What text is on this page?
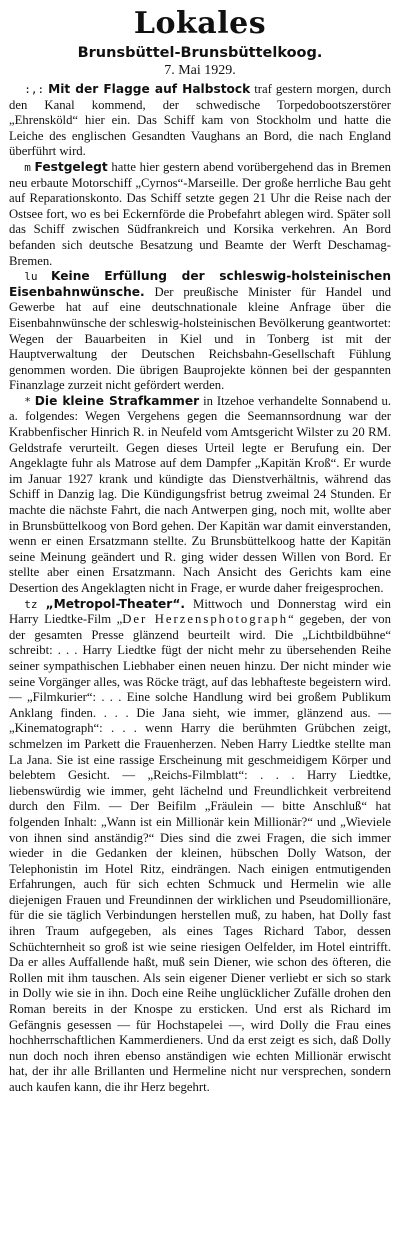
Lokales
Brunsbüttel-Brunsbüttelkoog.
7. Mai 1929.

:,: Mit der Flagge auf Halbstock traf gestern morgen, durch den Kanal kommend, der schwedische Torpedobootszerstörer „Ehrensköld“ hier ein. Das Schiff kam von Stockholm und hatte die Leiche des englischen Gesandten Vaughans an Bord, die nach England überführt wird.

m Festgelegt hatte hier gestern abend vorübergehend das in Bremen neu erbaute Motorschiff „Cyrnos“-Marseille. Der große herrliche Bau geht auf Reparationskonto. Das Schiff setzte gegen 21 Uhr die Reise nach der Ostsee fort, wo es bei Eckernförde die Probefahrt ablegen wird. Später soll das Schiff zwischen Südfrankreich und Korsika verkehren. An Bord befanden sich deutsche Besatzung und Beamte der Werft Deschamag-Bremen.

lu Keine Erfüllung der schleswig-holsteinischen Eisenbahnwünsche. Der preußische Minister für Handel und Gewerbe hat auf eine deutschnationale kleine Anfrage über die Eisenbahnwünsche der schleswig-holsteinischen Bevölkerung geantwortet: Wegen der Bauarbeiten in Kiel und in Tonberg ist mit der Hauptverwaltung der Deutschen Reichsbahn-Gesellschaft Fühlung genommen worden. Die übrigen Bauprojekte können bei der gespannten Finanzlage zurzeit nicht gefördert werden.

* Die kleine Strafkammer in Itzehoe verhandelte Sonnabend u. a. folgendes: Wegen Vergehens gegen die Seemannsordnung war der Krabbenfischer Hinrich R. in Neufeld vom Amtsgericht Wilster zu 20 RM. Geldstrafe verurteilt. Gegen dieses Urteil legte er Berufung ein. Der Angeklagte fuhr als Matrose auf dem Dampfer „Kapitän Kroß“. Er wurde im Januar 1927 krank und kündigte das Dienstverhältnis, während das Schiff in Danzig lag. Die Kündigungsfrist betrug zweimal 24 Stunden. Er machte die nächste Fahrt, die nach Antwerpen ging, noch mit, wollte aber in Brunsbüttelkoog von Bord gehen. Der Kapitän war damit einverstanden, wenn er einen Ersatzmann stellte. Zu Brunsbüttelkoog hatte der Kapitän seine Meinung geändert und R. ging wider dessen Willen von Bord. Er stellte aber einen Ersatzmann. Nach Ansicht des Gerichts kam eine Desertion des Angeklagten nicht in Frage, er wurde daher freigesprochen.

tz „Metropol-Theater“. Mittwoch und Donnerstag wird ein Harry Liedtke-Film „Der Herzensphotograph“ gegeben, der von der gesamten Presse glänzend beurteilt wird. Die „Lichtbildbühne“ schreibt: . . . Harry Liedtke fügt der nicht mehr zu übersehenden Reihe seiner sympathischen Liebhaber einen neuen hinzu. Der nicht minder wie seine Vorgänger alles, was Röcke trägt, auf das lebhafteste begeistern wird. — „Filmkurier“: . . . Eine solche Handlung wird bei großem Publikum Anklang finden. . . . Die Jana sieht, wie immer, glänzend aus. — „Kinematograph“: . . . wenn Harry die berühmten Grübchen zeigt, schmelzen im Parkett die Frauenherzen. Neben Harry Liedtke stellte man La Jana. Sie ist eine rassige Erscheinung mit geschmeidigem Körper und belebtem Gesicht. — „Reichs-Filmblatt“: . . . Harry Liedtke, liebenswürdig wie immer, geht lächelnd und Freundlichkeit verbreitend durch den Film. — Der Beifilm „Fräulein — bitte Anschluß“ hat folgenden Inhalt: „Wann ist ein Millionär kein Millionär?“ und „Wieviele von ihnen sind anständig?“ Dies sind die zwei Fragen, die sich immer wieder in die Gedanken der kleinen, hübschen Dolly Watson, der Telephonistin im Hotel Ritz, eindrängen. Nach einigen entmutigenden Erfahrungen, auch für sich echten Schmuck und Hermelin wie alle diejenigen Frauen und Freundinnen der wirklichen und Pseudomillionäre, für die sie täglich Verbindungen herstellen muß, zu haben, hat Dolly fast ihren Traum aufgegeben, als eines Tages Richard Tabor, dessen Schüchternheit so groß ist wie seine riesigen Oelfelder, im Hotel eintrifft. Da er alles Auffallende haßt, muß sein Diener, wie schon des öfteren, die Rollen mit ihm tauschen. Als sein eigener Diener verliebt er sich so stark in Dolly wie sie in ihn. Doch eine Reihe unglücklicher Zufälle drohen den Roman bereits in der Knospe zu ersticken. Und erst als Richard im Gefängnis gesessen — für Hochstapelei —, wird Dolly die Frau eines hochherrschaftlichen Kammerdieners. Und da erst zeigt es sich, daß Dolly nun doch noch ihren ebenso anständigen wie echten Millionär erwischt hat, der ihr alle Brillanten und Hermeline nicht nur versprechen, sondern auch kaufen kann, die ihr Herz begehrt.
